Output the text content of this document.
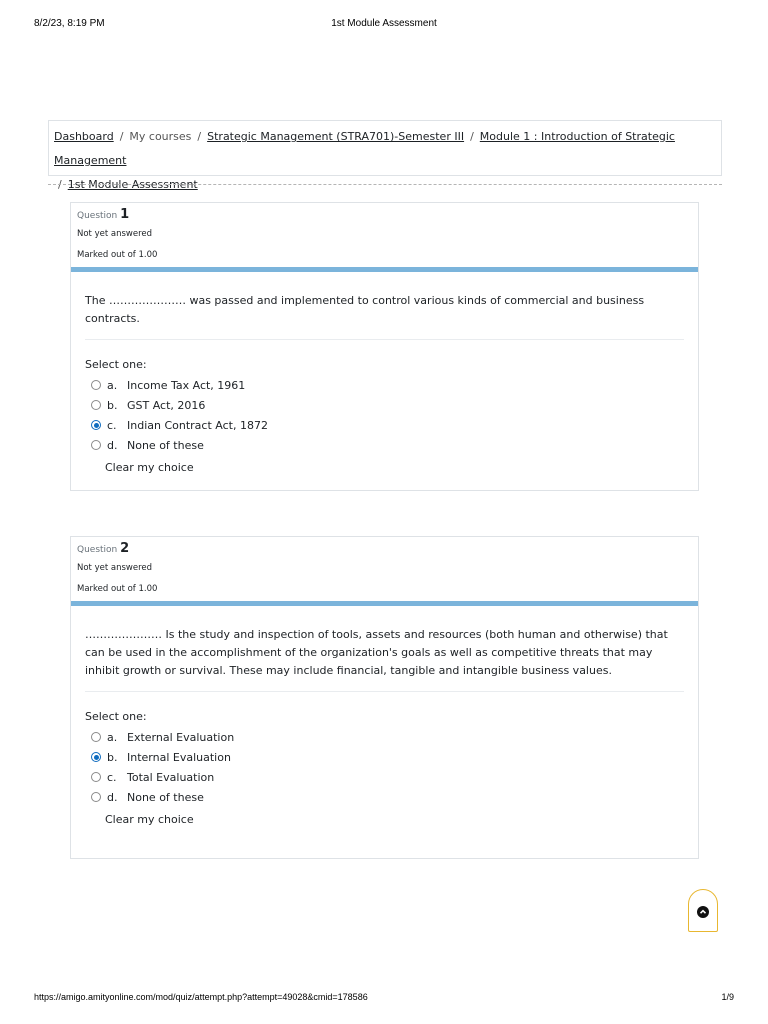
8/2/23, 8:19 PM	1st Module Assessment
Dashboard / My courses / Strategic Management (STRA701)-Semester III / Module 1 : Introduction of Strategic Management
/ 1st Module Assessment
Question 1
Not yet answered
Marked out of 1.00
The ………………… was passed and implemented to control various kinds of commercial and business contracts.
Select one:
a. Income Tax Act, 1961
b. GST Act, 2016
c. Indian Contract Act, 1872
d. None of these
Clear my choice
Question 2
Not yet answered
Marked out of 1.00
………………… Is the study and inspection of tools, assets and resources (both human and otherwise) that can be used in the accomplishment of the organization's goals as well as competitive threats that may inhibit growth or survival. These may include financial, tangible and intangible business values.
Select one:
a. External Evaluation
b. Internal Evaluation
c. Total Evaluation
d. None of these
Clear my choice
https://amigo.amityonline.com/mod/quiz/attempt.php?attempt=49028&cmid=178586	1/9
